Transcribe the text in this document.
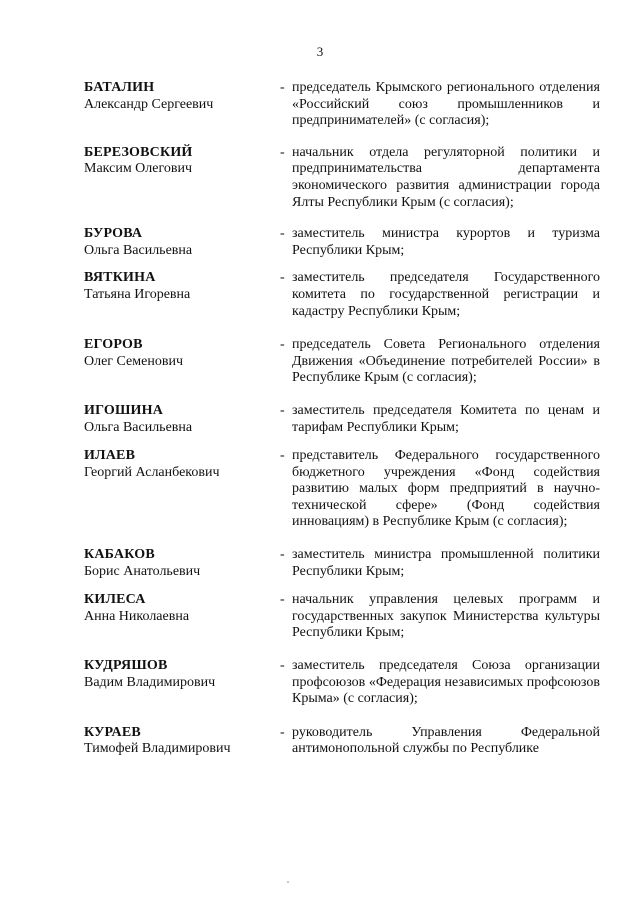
3
БАТАЛИН
Александр Сергеевич
- председатель Крымского регионального отделения «Российский союз промышленников и предпринимателей» (с согласия);
БЕРЕЗОВСКИЙ
Максим Олегович
- начальник отдела регуляторной политики и предпринимательства департамента экономического развития администрации города Ялты Республики Крым (с согласия);
БУРОВА
Ольга Васильевна
- заместитель министра курортов и туризма Республики Крым;
ВЯТКИНА
Татьяна Игоревна
- заместитель председателя Государственного комитета по государственной регистрации и кадастру Республики Крым;
ЕГОРОВ
Олег Семенович
- председатель Совета Регионального отделения Движения «Объединение потребителей России» в Республике Крым (с согласия);
ИГОШИНА
Ольга Васильевна
- заместитель председателя Комитета по ценам и тарифам Республики Крым;
ИЛАЕВ
Георгий Асланбекович
- представитель Федерального государственного бюджетного учреждения «Фонд содействия развитию малых форм предприятий в научно-технической сфере» (Фонд содействия инновациям) в Республике Крым (с согласия);
КАБАКОВ
Борис Анатольевич
- заместитель министра промышленной политики Республики Крым;
КИЛЕСА
Анна Николаевна
- начальник управления целевых программ и государственных закупок Министерства культуры Республики Крым;
КУДРЯШОВ
Вадим Владимирович
- заместитель председателя Союза организации профсоюзов «Федерация независимых профсоюзов Крыма» (с согласия);
КУРАЕВ
Тимофей Владимирович
- руководитель Управления Федеральной антимонопольной службы по Республике
